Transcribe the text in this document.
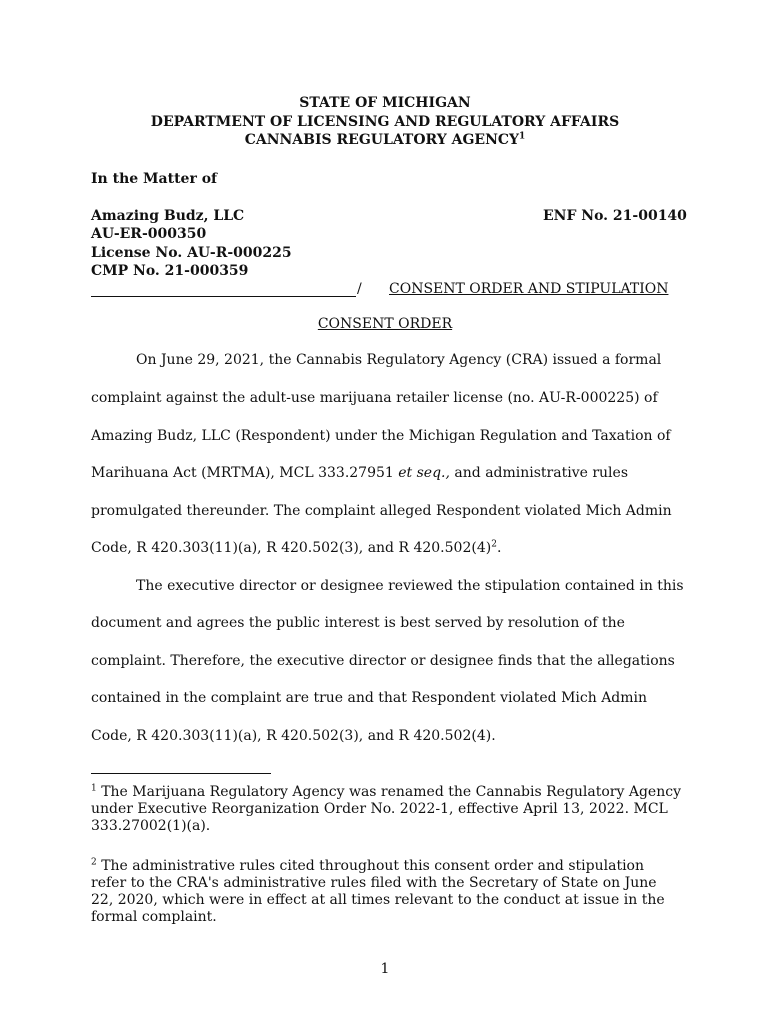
STATE OF MICHIGAN
DEPARTMENT OF LICENSING AND REGULATORY AFFAIRS
CANNABIS REGULATORY AGENCY$^1$
In the Matter of
Amazing Budz, LLC
AU-ER-000350
License No. AU-R-000225
CMP No. 21-000359
ENF No. 21-00140
/ CONSENT ORDER AND STIPULATION
CONSENT ORDER
On June 29, 2021, the Cannabis Regulatory Agency (CRA) issued a formal
complaint against the adult-use marijuana retailer license (no. AU-R-000225) of
Amazing Budz, LLC (Respondent) under the Michigan Regulation and Taxation of
Marihuana Act (MRTMA), MCL 333.27951 et seq., and administrative rules
promulgated thereunder. The complaint alleged Respondent violated Mich Admin
Code, R 420.303(11)(a), R 420.502(3), and R $420.502(4)^2$.
The executive director or designee reviewed the stipulation contained in this
document and agrees the public interest is best served by resolution of the
complaint. Therefore, the executive director or designee finds that the allegations
contained in the complaint are true and that Respondent violated Mich Admin
Code, R 420.303(11)(a), R 420.502(3), and R 420.502(4).
$^1$ The Marijuana Regulatory Agency was renamed the Cannabis Regulatory Agency under Executive Reorganization Order No. 2022-1, effective April 13, 2022. MCL 333.27002(1)(a).
$^2$ The administrative rules cited throughout this consent order and stipulation refer to the CRA's administrative rules filed with the Secretary of State on June 22, 2020, which were in effect at all times relevant to the conduct at issue in the formal complaint.
1
